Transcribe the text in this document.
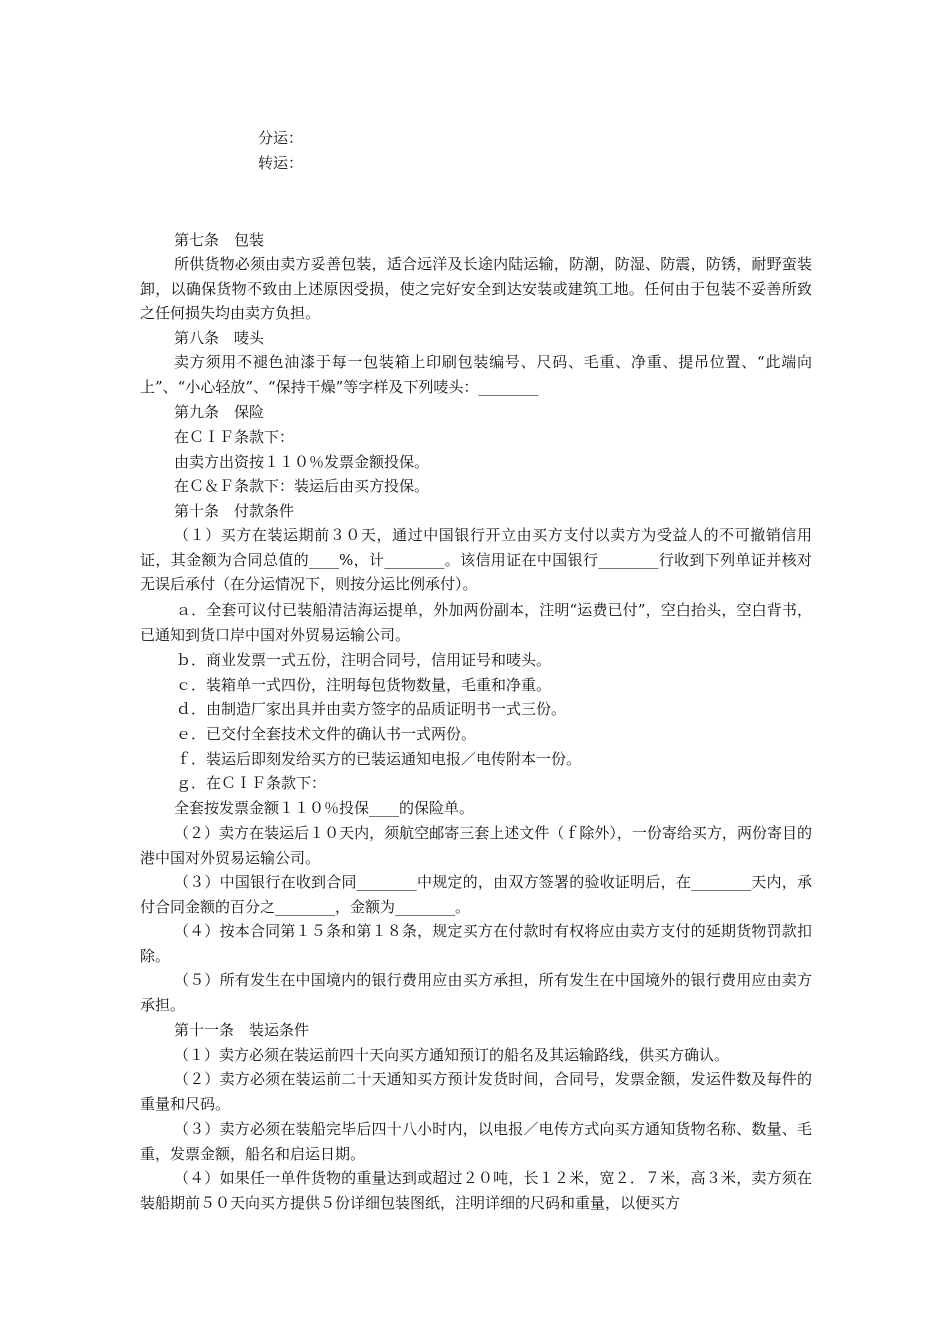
分运：
转运：
第七条　包装
所供货物必须由卖方妥善包装，适合远洋及长途内陆运输，防潮，防湿、防震，防锈，耐野蛮装卸，以确保货物不致由上述原因受损，使之完好安全到达安装或建筑工地。任何由于包装不妥善所致之任何损失均由卖方负担。
第八条　唛头
卖方须用不褪色油漆于每一包装箱上印刷包装编号、尺码、毛重、净重、提吊位置、“此端向上”、“小心轻放”、“保持干燥”等字样及下列唛头：________
第九条　保险
在ＣＩＦ条款下：
由卖方出资按１１０％发票金额投保。
在Ｃ＆Ｆ条款下：装运后由买方投保。
第十条　付款条件
（１）买方在装运期前３０天，通过中国银行开立由买方支付以卖方为受益人的不可撤销信用证，其金额为合同总值的____%，计________。该信用证在中国银行________行收到下列单证并核对无误后承付（在分运情况下，则按分运比例承付）。
ａ．全套可议付已装船清洁海运提单，外加两份副本，注明“运费已付”，空白抬头，空白背书，已通知到货口岸中国对外贸易运输公司。
ｂ．商业发票一式五份，注明合同号，信用证号和唛头。
ｃ．装箱单一式四份，注明每包货物数量，毛重和净重。
ｄ．由制造厂家出具并由卖方签字的品质证明书一式三份。
ｅ．已交付全套技术文件的确认书一式两份。
ｆ．装运后即刻发给买方的已装运通知电报／电传附本一份。
ｇ．在ＣＩＦ条款下：
全套按发票金额１１０％投保____的保险单。
（２）卖方在装运后１０天内，须航空邮寄三套上述文件（ｆ除外），一份寄给买方，两份寄目的港中国对外贸易运输公司。
（３）中国银行在收到合同________中规定的，由双方签署的验收证明后，在________天内，承付合同金额的百分之________，金额为________。
（４）按本合同第１５条和第１８条，规定买方在付款时有权将应由卖方支付的延期货物罚款扣除。
（５）所有发生在中国境内的银行费用应由买方承担，所有发生在中国境外的银行费用应由卖方承担。
第十一条　装运条件
（１）卖方必须在装运前四十天向买方通知预订的船名及其运输路线，供买方确认。
（２）卖方必须在装运前二十天通知买方预计发货时间，合同号，发票金额，发运件数及每件的重量和尺码。
（３）卖方必须在装船完毕后四十八小时内，以电报／电传方式向买方通知货物名称、数量、毛重，发票金额，船名和启运日期。
（４）如果任一单件货物的重量达到或超过２０吨，长１２米，宽２．７米，高３米，卖方须在装船期前５０天向买方提供５份详细包装图纸，注明详细的尺码和重量，以便买方
